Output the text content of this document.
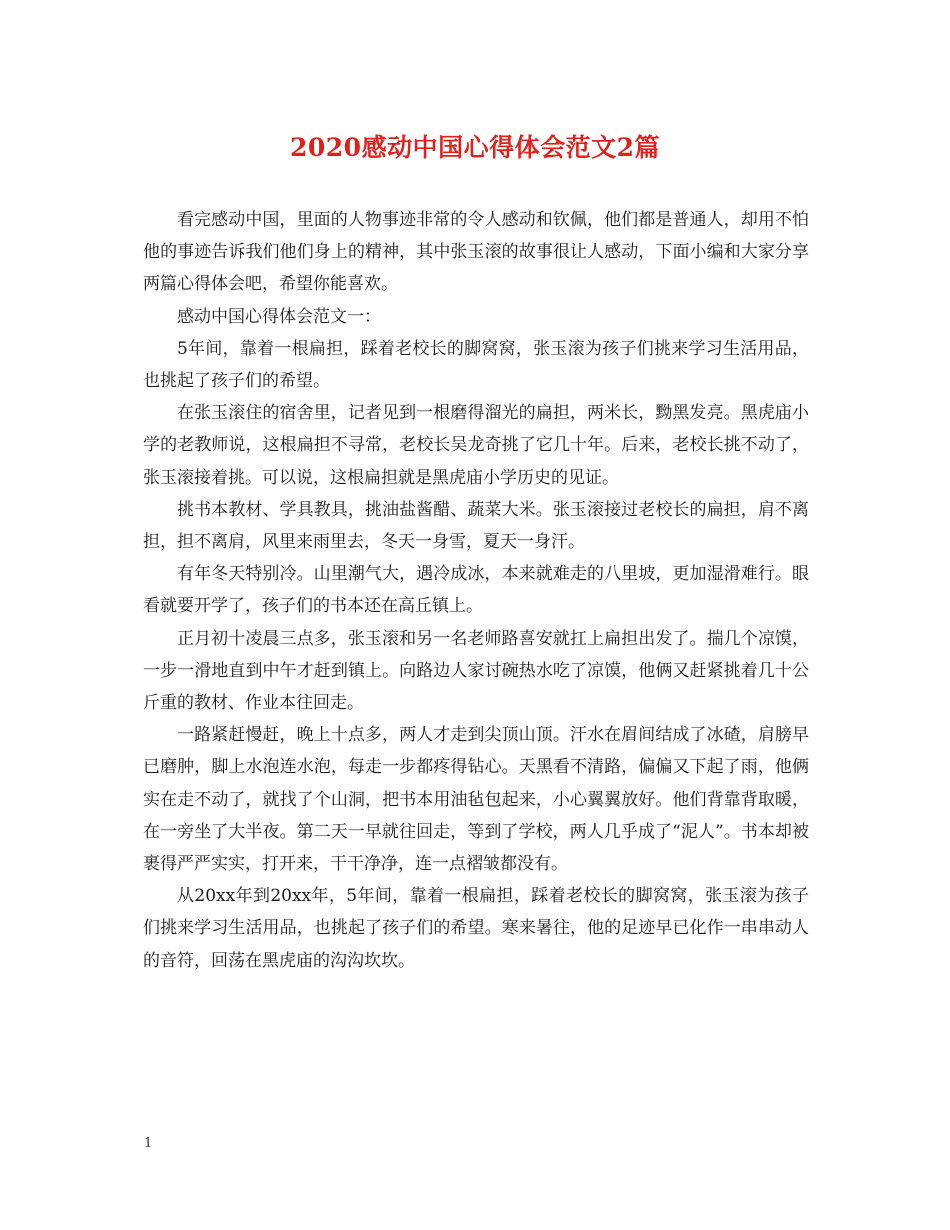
2020感动中国心得体会范文2篇

看完感动中国，里面的人物事迹非常的令人感动和钦佩，他们都是普通人，却用不怕他的事迹告诉我们他们身上的精神，其中张玉滚的故事很让人感动，下面小编和大家分享两篇心得体会吧，希望你能喜欢。

感动中国心得体会范文一：

5年间，靠着一根扁担，踩着老校长的脚窝窝，张玉滚为孩子们挑来学习生活用品，也挑起了孩子们的希望。

在张玉滚住的宿舍里，记者见到一根磨得溜光的扁担，两米长，黝黑发亮。黑虎庙小学的老教师说，这根扁担不寻常，老校长吴龙奇挑了它几十年。后来，老校长挑不动了，张玉滚接着挑。可以说，这根扁担就是黑虎庙小学历史的见证。

挑书本教材、学具教具，挑油盐酱醋、蔬菜大米。张玉滚接过老校长的扁担，肩不离担，担不离肩，风里来雨里去，冬天一身雪，夏天一身汗。

有年冬天特别冷。山里潮气大，遇冷成冰，本来就难走的八里坡，更加湿滑难行。眼看就要开学了，孩子们的书本还在高丘镇上。

正月初十凌晨三点多，张玉滚和另一名老师路喜安就扛上扁担出发了。揣几个凉馍，一步一滑地直到中午才赶到镇上。向路边人家讨碗热水吃了凉馍，他俩又赶紧挑着几十公斤重的教材、作业本往回走。

一路紧赶慢赶，晚上十点多，两人才走到尖顶山顶。汗水在眉间结成了冰碴，肩膀早已磨肿，脚上水泡连水泡，每走一步都疼得钻心。天黑看不清路，偏偏又下起了雨，他俩实在走不动了，就找了个山洞，把书本用油毡包起来，小心翼翼放好。他们背靠背取暖，在一旁坐了大半夜。第二天一早就往回走，等到了学校，两人几乎成了“泥人”。书本却被裹得严严实实，打开来，干干净净，连一点褶皱都没有。

从20xx年到20xx年，5年间，靠着一根扁担，踩着老校长的脚窝窝，张玉滚为孩子们挑来学习生活用品，也挑起了孩子们的希望。寒来暑往，他的足迹早已化作一串串动人的音符，回荡在黑虎庙的沟沟坎坎。

1
